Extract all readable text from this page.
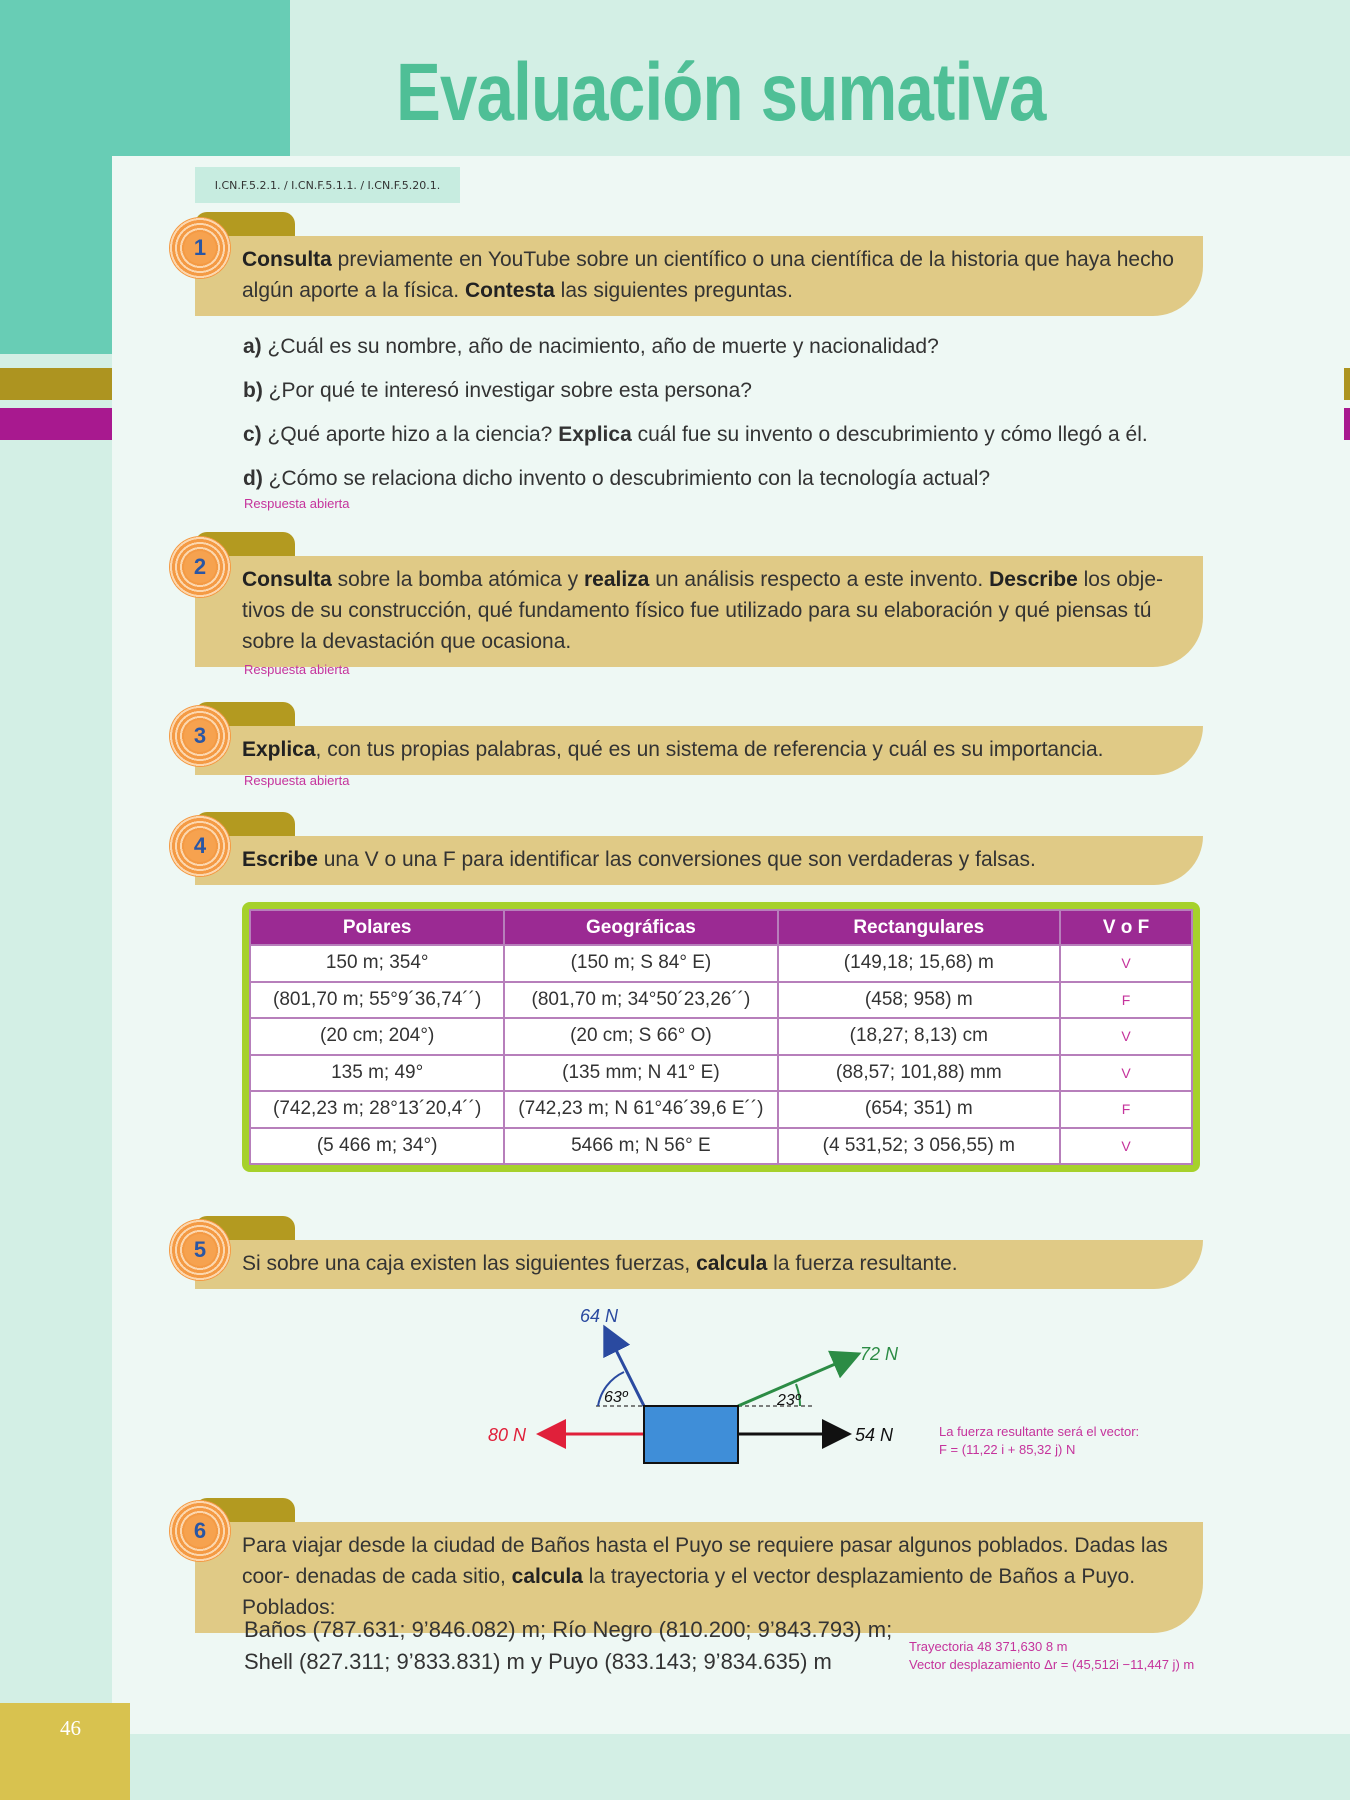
Evaluación sumativa
I.CN.F.5.2.1. / I.CN.F.5.1.1. / I.CN.F.5.20.1.
Consulta previamente en YouTube sobre un científico o una científica de la historia que haya hecho algún aporte a la física. Contesta las siguientes preguntas.
1
a) ¿Cuál es su nombre, año de nacimiento, año de muerte y nacionalidad?
b) ¿Por qué te interesó investigar sobre esta persona?
c) ¿Qué aporte hizo a la ciencia? Explica cuál fue su invento o descubrimiento y cómo llegó a él.
d) ¿Cómo se relaciona dicho invento o descubrimiento con la tecnología actual?
Respuesta abierta
Consulta sobre la bomba atómica y realiza un análisis respecto a este invento. Describe los obje- tivos de su construcción, qué fundamento físico fue utilizado para su elaboración y qué piensas tú sobre la devastación que ocasiona.
2
Respuesta abierta
Explica, con tus propias palabras, qué es un sistema de referencia y cuál es su importancia.
3
Respuesta abierta
Escribe una V o una F para identificar las conversiones que son verdaderas y falsas.
4
Polares	Geográficas	Rectangulares	V o F
150 m; 354°	(150 m; S 84° E)	(149,18; 15,68) m	V
(801,70 m; 55°9´36,74´´)	(801,70 m; 34°50´23,26´´)	(458; 958) m	F
(20 cm; 204°)	(20 cm; S 66° O)	(18,27; 8,13) cm	V
135 m; 49°	(135 mm; N 41° E)	(88,57; 101,88) mm	V
(742,23 m; 28°13´20,4´´)	(742,23 m; N 61°46´39,6 E´´)	(654; 351) m	F
(5 466 m; 34°)	5466 m; N 56° E	(4 531,52; 3 056,55) m	V
Si sobre una caja existen las siguientes fuerzas, calcula la fuerza resultante.
5
64 N
72 N
80 N	54 N
63º	23º
La fuerza resultante será el vector:
F = (11,22 i + 85,32 j) N
Para viajar desde la ciudad de Baños hasta el Puyo se requiere pasar algunos poblados. Dadas las coor- denadas de cada sitio, calcula la trayectoria y el vector desplazamiento de Baños a Puyo. Poblados:
6
Baños (787.631; 9’846.082) m; Río Negro (810.200; 9’843.793) m;
Shell (827.311; 9’833.831) m y Puyo (833.143; 9’834.635) m
Trayectoria 48 371,630 8 m
Vector desplazamiento Δr = (45,512i −11,447 j) m
46
